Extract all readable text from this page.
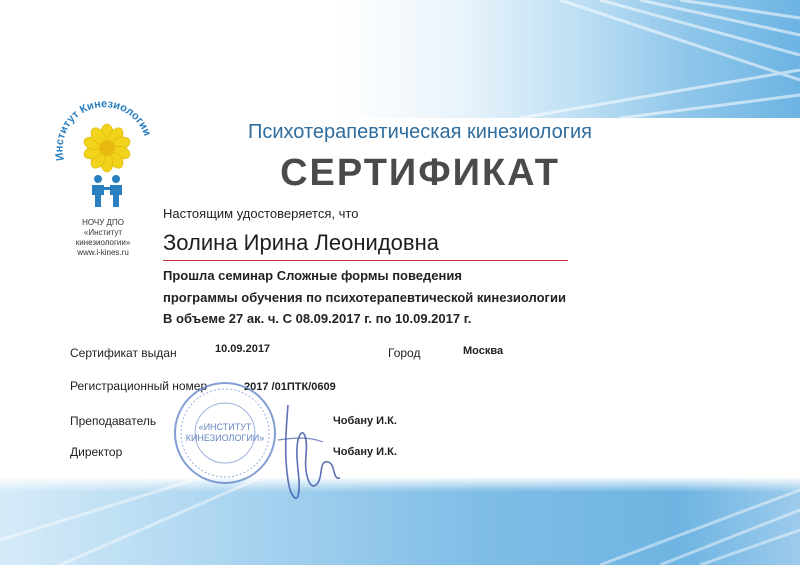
Институт Кинезиологии
НОЧУ ДПО
«Институт
кинезиологии»
www.i-kines.ru
Психотерапевтическая кинезиология
СЕРТИФИКАТ
Настоящим удостоверяется, что
Золина Ирина Леонидовна
Прошла семинар Сложные формы поведения
программы обучения по психотерапевтической кинезиологии
В объеме 27 ак. ч. С 08.09.2017 г. по 10.09.2017 г.
Сертификат выдан	10.09.2017	Город	Москва
Регистрационный номер	2017 /01ПТК/0609
Преподаватель	Чобану И.К.
Директор	Чобану И.К.
«ИНСТИТУТ
КИНЕЗИОЛОГИИ»
